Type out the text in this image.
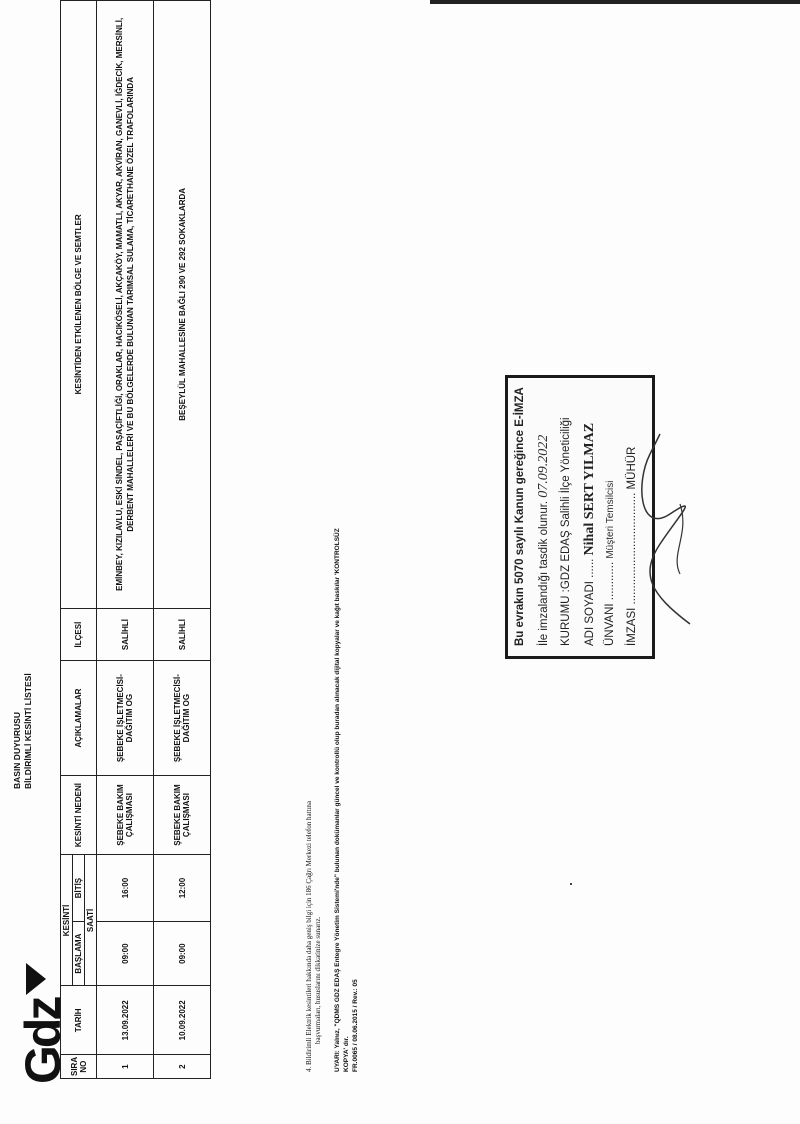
Gdz
BASIN DUYURUSU BİLDİRİMLİ KESİNTİ LİSTESİ
SIRA NO	TARİH	KESİNTİ		KESİNTİ NEDENİ	AÇIKLAMALAR	İLÇESİ	KESİNTİDEN ETKİLENEN BÖLGE VE SEMTLER
		BAŞLAMA	BİTİŞ				
		SAATİ					
1	13.09.2022	09:00	16:00	ŞEBEKE BAKIM ÇALIŞMASI	ŞEBEKE İŞLETMECİSİ-DAĞITIM OG	SALİHLİ	EMİNBEY, KIZILAVLU, ESKİ SİNDEL, PAŞAÇİFTLİĞİ, ORAKLAR, HACIKÖSELİ, AKÇAKÖY, MAMATLI, AKYAR, AKVİRAN, GANEVLİ, İĞDECİK, MERSİNLİ, DERBENT MAHALLELERİ VE BU BÖLGELERDE BULUNAN TARIMSAL SULAMA, TİCARETHANE ÖZEL TRAFOLARINDA

2	10.09.2022	09:00	12:00	ŞEBEKE BAKIM ÇALIŞMASI	ŞEBEKE İŞLETMECİSİ-DAĞITIM OG	SALİHLİ	BEŞEYLÜL MAHALLESİNE BAĞLI 290 VE 292 SOKAKLARDA
4. Bildirimli Elektrik kesintileri hakkında daha geniş bilgi için 186 Çağrı Merkezi telefon hattına başvurmaları, hususlarını dikkatinize sunarız. UYARI: Yalnız, "QDMS GDZ EDAŞ Entegre Yönetim Sistemi'nde" bulunan dokümanlar güncel ve kontrollü olup buradan alınacak dijital kopyalar ve kağıt baskılar 'KONTROLSÜZ KOPYA' dır. FR.0065 / 08.06.2015 / Rev.: 05
Bu evrakın 5070 sayılı Kanun gereğince E-İMZA İle imzalandığı tasdik olunur. 07.09.2022 KURUMU :GDZ EDAŞ Salihli İlçe Yöneticiliği ADI SOYADI ...... Nihal SERT YILMAZ
ÜNVANI ............ Müşteri Temsilcisi
İMZASI ................................... MÜHÜR
